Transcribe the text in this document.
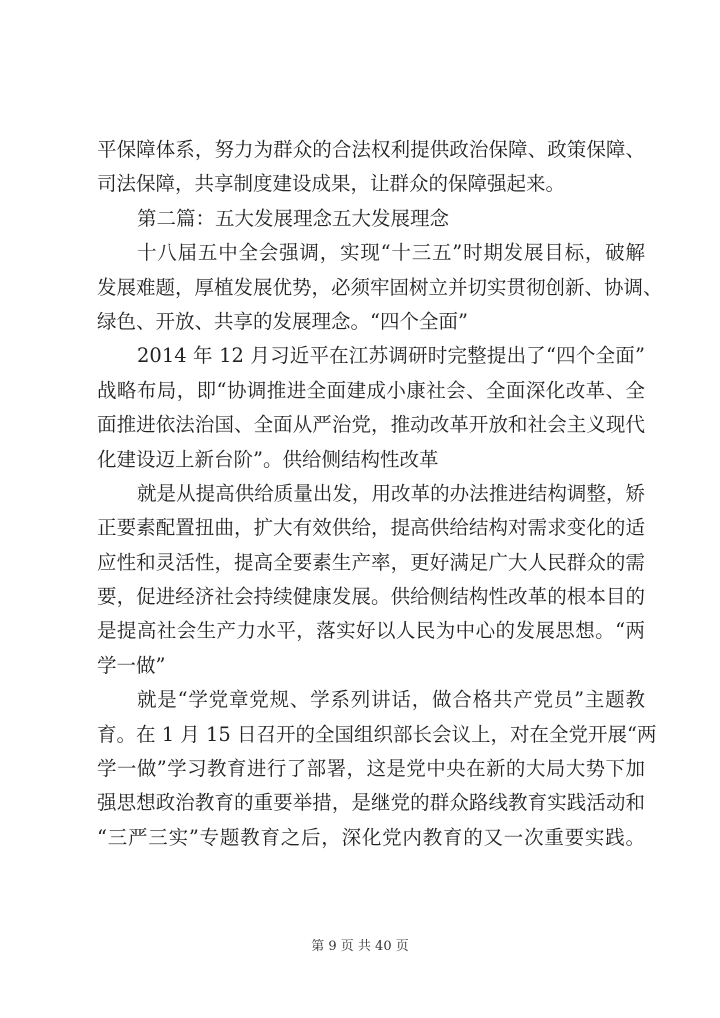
平保障体系，努力为群众的合法权利提供政治保障、政策保障、
司法保障，共享制度建设成果，让群众的保障强起来。
第二篇：五大发展理念五大发展理念
十八届五中全会强调，实现“十三五”时期发展目标，破解
发展难题，厚植发展优势，必须牢固树立并切实贯彻创新、协调、
绿色、开放、共享的发展理念。“四个全面”
2014 年 12 月习近平在江苏调研时完整提出了“四个全面”
战略布局，即“协调推进全面建成小康社会、全面深化改革、全
面推进依法治国、全面从严治党，推动改革开放和社会主义现代
化建设迈上新台阶”。供给侧结构性改革
就是从提高供给质量出发，用改革的办法推进结构调整，矫
正要素配置扭曲，扩大有效供给，提高供给结构对需求变化的适
应性和灵活性，提高全要素生产率，更好满足广大人民群众的需
要，促进经济社会持续健康发展。供给侧结构性改革的根本目的
是提高社会生产力水平，落实好以人民为中心的发展思想。“两
学一做”
就是“学党章党规、学系列讲话，做合格共产党员”主题教
育。在 1 月 15 日召开的全国组织部长会议上，对在全党开展“两
学一做”学习教育进行了部署，这是党中央在新的大局大势下加
强思想政治教育的重要举措，是继党的群众路线教育实践活动和
“三严三实”专题教育之后，深化党内教育的又一次重要实践。
第 9 页 共 40 页
